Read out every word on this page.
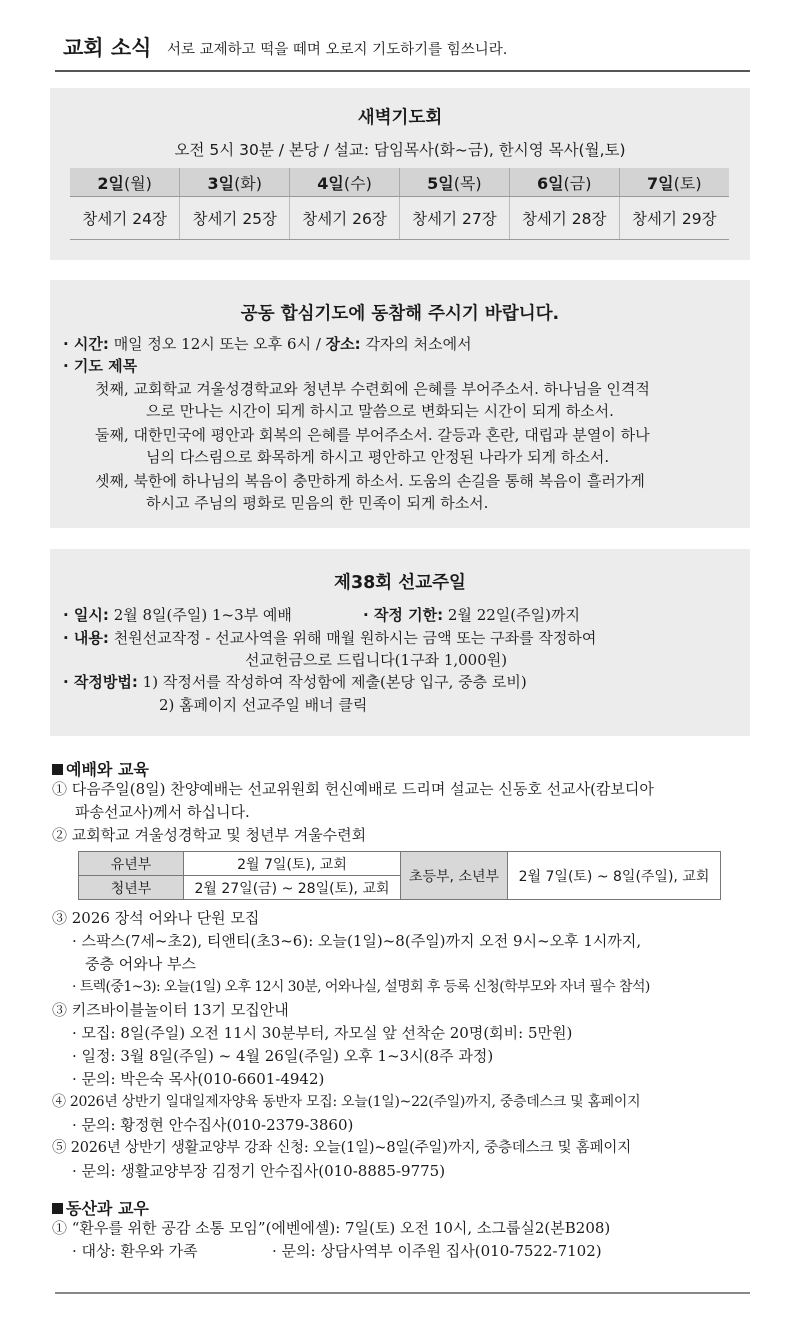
교회 소식 서로 교제하고 떡을 떼며 오로지 기도하기를 힘쓰니라.
새벽기도회
오전 5시 30분 / 본당 / 설교: 담임목사(화~금), 한시영 목사(월,토)
2일(월)	3일(화)	4일(수)	5일(목)	6일(금)	7일(토)
창세기 24장	창세기 25장	창세기 26장	창세기 27장	창세기 28장	창세기 29장
공동 합심기도에 동참해 주시기 바랍니다.
· 시간: 매일 정오 12시 또는 오후 6시 / 장소: 각자의 처소에서
· 기도 제목
첫째, 교회학교 겨울성경학교와 청년부 수련회에 은혜를 부어주소서. 하나님을 인격적
으로 만나는 시간이 되게 하시고 말씀으로 변화되는 시간이 되게 하소서.
둘째, 대한민국에 평안과 회복의 은혜를 부어주소서. 갈등과 혼란, 대립과 분열이 하나
님의 다스림으로 화목하게 하시고 평안하고 안정된 나라가 되게 하소서.
셋째, 북한에 하나님의 복음이 충만하게 하소서. 도움의 손길을 통해 복음이 흘러가게
하시고 주님의 평화로 믿음의 한 민족이 되게 하소서.
제38회 선교주일
· 일시: 2월 8일(주일) 1~3부 예배	· 작정 기한: 2월 22일(주일)까지
· 내용: 천원선교작정 - 선교사역을 위해 매월 원하시는 금액 또는 구좌를 작정하여
선교헌금으로 드립니다(1구좌 1,000원)
· 작정방법: 1) 작정서를 작성하여 작성함에 제출(본당 입구, 중층 로비)
2) 홈페이지 선교주일 배너 클릭
예배와 교육
① 다음주일(8일) 찬양예배는 선교위원회 헌신예배로 드리며 설교는 신동호 선교사(캄보디아
파송선교사)께서 하십니다.
② 교회학교 겨울성경학교 및 청년부 겨울수련회
유년부	2월 7일(토), 교회	초등부, 소년부	2월 7일(토) ~ 8일(주일), 교회
청년부	2월 27일(금) ~ 28일(토), 교회		
③ 2026 장석 어와나 단원 모집
· 스팍스(7세~초2), 티앤티(초3~6): 오늘(1일)~8(주일)까지 오전 9시~오후 1시까지,
중층 어와나 부스
· 트렉(중1~3): 오늘(1일) 오후 12시 30분, 어와나실, 설명회 후 등록 신청(학부모와 자녀 필수 참석)
③ 키즈바이블놀이터 13기 모집안내
· 모집: 8일(주일) 오전 11시 30분부터, 자모실 앞 선착순 20명(회비: 5만원)
· 일정: 3월 8일(주일) ~ 4월 26일(주일) 오후 1~3시(8주 과정)
· 문의: 박은숙 목사(010-6601-4942)
④ 2026년 상반기 일대일제자양육 동반자 모집: 오늘(1일)~22(주일)까지, 중층데스크 및 홈페이지
· 문의: 황정현 안수집사(010-2379-3860)
⑤ 2026년 상반기 생활교양부 강좌 신청: 오늘(1일)~8일(주일)까지, 중층데스크 및 홈페이지
· 문의: 생활교양부장 김정기 안수집사(010-8885-9775)
동산과 교우
① “환우를 위한 공감 소통 모임”(에벤에셀): 7일(토) 오전 10시, 소그룹실2(본B208)
· 대상: 환우와 가족	· 문의: 상담사역부 이주원 집사(010-7522-7102)
